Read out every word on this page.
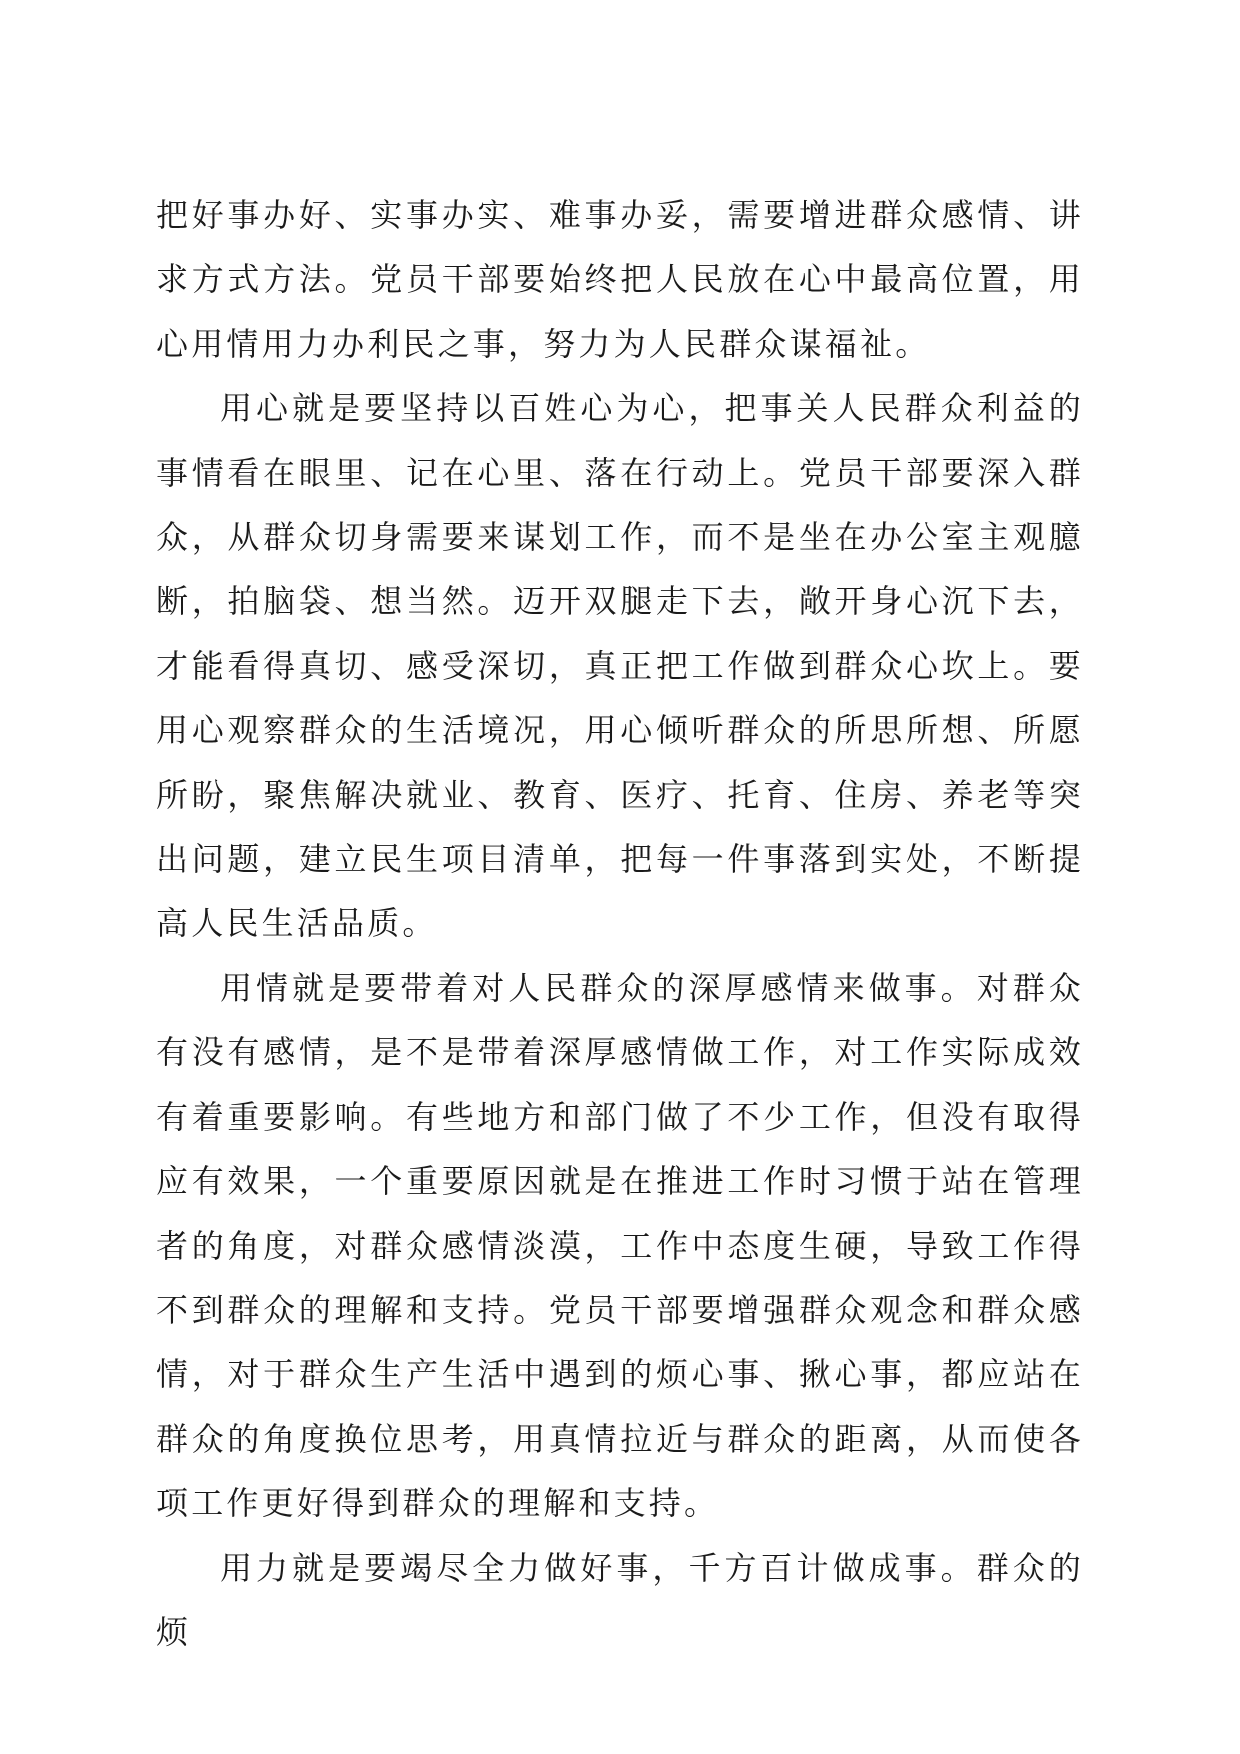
把好事办好、实事办实、难事办妥，需要增进群众感情、讲求方式方法。党员干部要始终把人民放在心中最高位置，用心用情用力办利民之事，努力为人民群众谋福祉。

用心就是要坚持以百姓心为心，把事关人民群众利益的事情看在眼里、记在心里、落在行动上。党员干部要深入群众，从群众切身需要来谋划工作，而不是坐在办公室主观臆断，拍脑袋、想当然。迈开双腿走下去，敞开身心沉下去，才能看得真切、感受深切，真正把工作做到群众心坎上。要用心观察群众的生活境况，用心倾听群众的所思所想、所愿所盼，聚焦解决就业、教育、医疗、托育、住房、养老等突出问题，建立民生项目清单，把每一件事落到实处，不断提高人民生活品质。

用情就是要带着对人民群众的深厚感情来做事。对群众有没有感情，是不是带着深厚感情做工作，对工作实际成效有着重要影响。有些地方和部门做了不少工作，但没有取得应有效果，一个重要原因就是在推进工作时习惯于站在管理者的角度，对群众感情淡漠，工作中态度生硬，导致工作得不到群众的理解和支持。党员干部要增强群众观念和群众感情，对于群众生产生活中遇到的烦心事、揪心事，都应站在群众的角度换位思考，用真情拉近与群众的距离，从而使各项工作更好得到群众的理解和支持。

用力就是要竭尽全力做好事，千方百计做成事。群众的烦
